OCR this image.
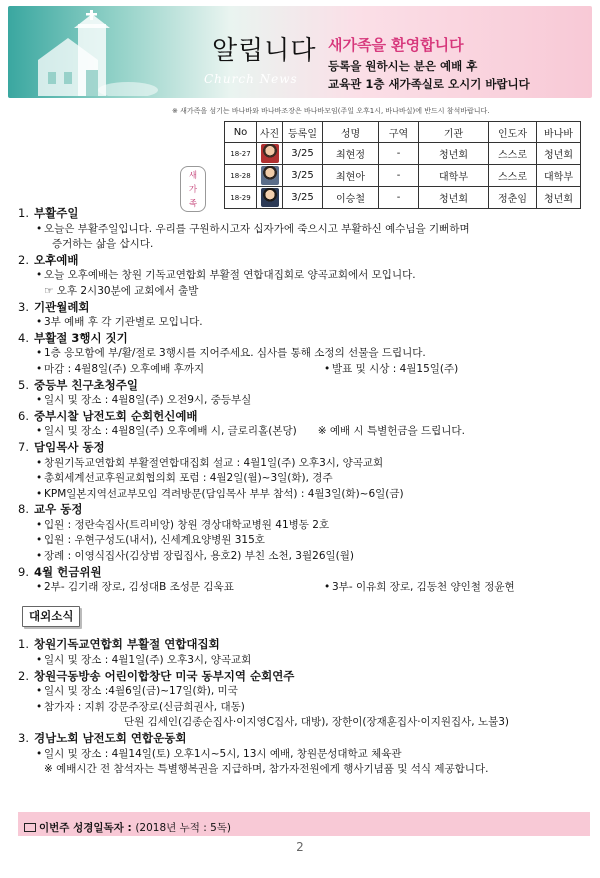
알립니다
Church News
새가족을 환영합니다
등록을 원하시는 분은 예배 후
교육관 1층 새가족실로 오시기 바랍니다
※ 새가족을 섬기는 바나바와 바나바조장은 바나바모임(주일 오후1시, 바나바실)에 반드시 참석바랍니다.
새
가
족
No	사진	등록일	성명	구역	기관	인도자	바나바
18-27		3/25	최현정	-	청년회	스스로	청년회
18-28		3/25	최현아	-	대학부	스스로	대학부
18-29		3/25	이승철	-	청년회	정춘임	청년회
1. 부활주일
• 오늘은 부활주일입니다. 우리를 구원하시고자 십자가에 죽으시고 부활하신 예수님을 기뻐하며
증거하는 삶을 삽시다.
2. 오후예배
• 오늘 오후예배는 창원 기독교연합회 부활절 연합대집회로 양곡교회에서 모입니다.
☞ 오후 2시30분에 교회에서 출발
3. 기관월례회
• 3부 예배 후 각 기관별로 모입니다.
4. 부활절 3행시 짓기
• 1층 응모함에 부/활/절로 3행시를 지어주세요. 심사를 통해 소정의 선물을 드립니다.
• 마감 : 4월8일(주) 오후예배 후까지	• 발표 및 시상 : 4월15일(주)
5. 중등부 친구초청주일
• 일시 및 장소 : 4월8일(주) 오전9시, 중등부실
6. 중부시찰 남전도회 순회헌신예배
• 일시 및 장소 : 4월8일(주) 오후예배 시, 글로리홀(본당)　　※ 예배 시 특별헌금을 드립니다.
7. 담임목사 동정
• 창원기독교연합회 부활절연합대집회 설교 : 4월1일(주) 오후3시, 양곡교회
• 총회세계선교후원교회협의회 포럼 : 4월2일(월)~3일(화), 경주
• KPM일본지역선교부모임 격려방문(담임목사 부부 참석) : 4월3일(화)~6일(금)
8. 교우 동정
• 입원 : 정란숙집사(트리비앙) 창원 경상대학교병원 41병동 2호
• 입원 : 우현구성도(내서), 신세계요양병원 315호
• 장례 : 이영식집사(김상범 장립집사, 용호2) 부친 소천, 3월26일(월)
9. 4월 헌금위원
• 2부- 김기래 장로, 김성대B 조성문 김욱표	• 3부- 이유희 장로, 김동천 양인철 정윤현
대외소식
1. 창원기독교연합회 부활절 연합대집회
• 일시 및 장소 : 4월1일(주) 오후3시, 양곡교회
2. 창원극동방송 어린이합창단 미국 동부지역 순회연주
• 일시 및 장소 :4월6일(금)~17일(화), 미국
• 참가자 : 지휘 강문주장로(신금희권사, 대동)
단원 김세인(김종순집사·이지영C집사, 대방), 장한이(장재훈집사·이지원집사, 노불3)
3. 경남노회 남전도회 연합운동회
• 일시 및 장소 : 4월14일(토) 오후1시~5시, 13시 예배, 창원문성대학교 체육관
※ 예배시간 전 참석자는 특별행복권을 지급하며, 참가자전원에게 행사기념품 및 석식 제공합니다.
이번주 성경일독자 : (2018년 누적 : 5독)
2
